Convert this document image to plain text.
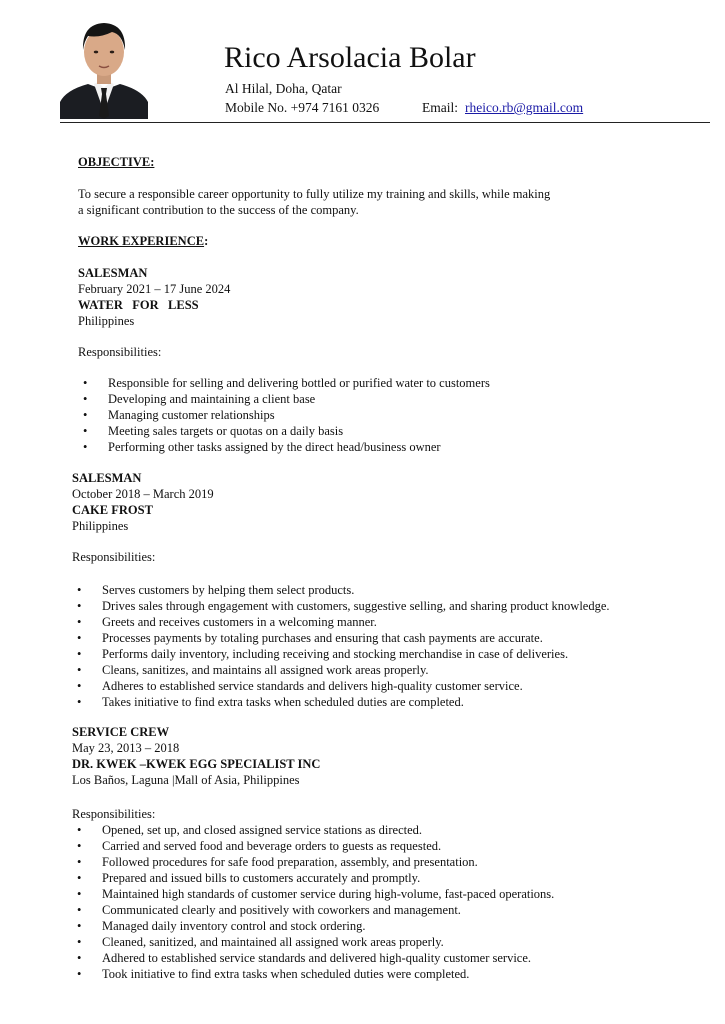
Rico Arsolacia Bolar
Al Hilal, Doha, Qatar
Mobile No. +974 7161 0326	Email: rheico.rb@gmail.com
OBJECTIVE:
To secure a responsible career opportunity to fully utilize my training and skills, while making
a significant contribution to the success of the company.
WORK EXPERIENCE:
SALESMAN
February 2021 – 17 June 2024
WATER   FOR   LESS
Philippines
Responsibilities:
• Responsible for selling and delivering bottled or purified water to customers
• Developing and maintaining a client base
• Managing customer relationships
• Meeting sales targets or quotas on a daily basis
• Performing other tasks assigned by the direct head/business owner
SALESMAN
October 2018 – March 2019
CAKE FROST
Philippines
Responsibilities:
• Serves customers by helping them select products.
• Drives sales through engagement with customers, suggestive selling, and sharing product knowledge.
• Greets and receives customers in a welcoming manner.
• Processes payments by totaling purchases and ensuring that cash payments are accurate.
• Performs daily inventory, including receiving and stocking merchandise in case of deliveries.
• Cleans, sanitizes, and maintains all assigned work areas properly.
• Adheres to established service standards and delivers high-quality customer service.
• Takes initiative to find extra tasks when scheduled duties are completed.
SERVICE CREW
May 23, 2013 – 2018
DR. KWEK –KWEK EGG SPECIALIST INC
Los Baños, Laguna |Mall of Asia, Philippines
Responsibilities:
• Opened, set up, and closed assigned service stations as directed.
• Carried and served food and beverage orders to guests as requested.
• Followed procedures for safe food preparation, assembly, and presentation.
• Prepared and issued bills to customers accurately and promptly.
• Maintained high standards of customer service during high-volume, fast-paced operations.
• Communicated clearly and positively with coworkers and management.
• Managed daily inventory control and stock ordering.
• Cleaned, sanitized, and maintained all assigned work areas properly.
• Adhered to established service standards and delivered high-quality customer service.
• Took initiative to find extra tasks when scheduled duties were completed.
